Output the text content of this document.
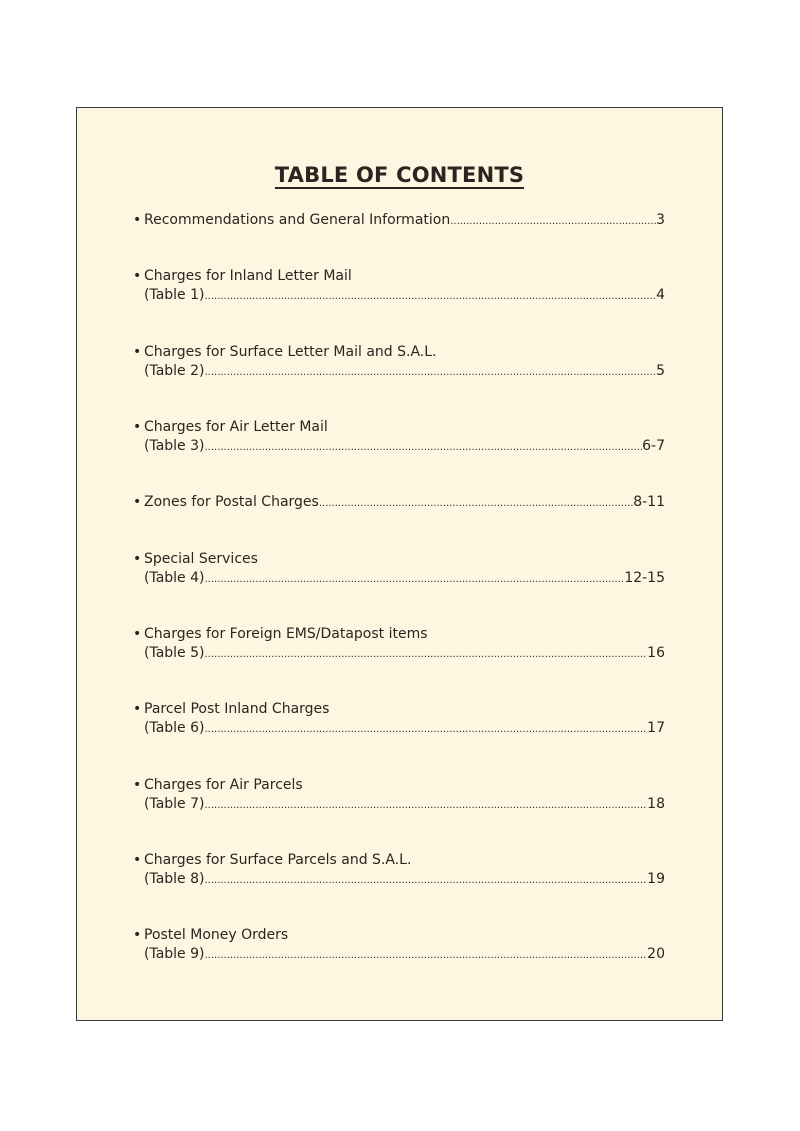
TABLE OF CONTENTS
• Recommendations and General Information .....	3
• Charges for Inland Letter Mail
(Table 1) .....	4
• Charges for Surface Letter Mail and S.A.L.
(Table 2) .....	5
• Charges for Air Letter Mail
(Table 3) .....	6-7
• Zones for Postal Charges .....	8-11
• Special Services
(Table 4) .....	12-15
• Charges for Foreign EMS/Datapost items
(Table 5) .....	16
• Parcel Post Inland Charges
(Table 6) .....	17
• Charges for Air Parcels
(Table 7) .....	18
• Charges for Surface Parcels and S.A.L.
(Table 8) .....	19
• Postel Money Orders
(Table 9) .....	20
